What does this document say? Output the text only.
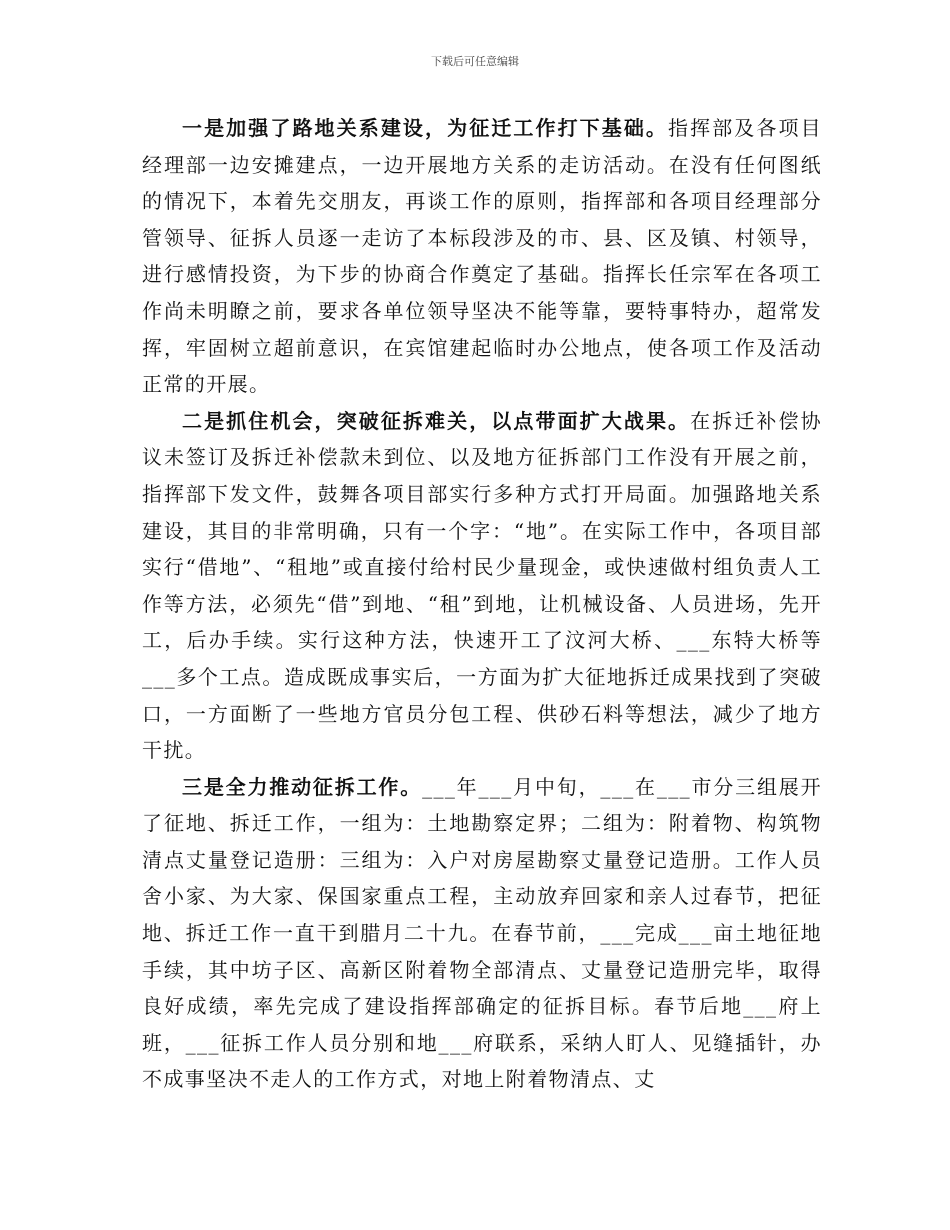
下载后可任意编辑

一是加强了路地关系建设，为征迁工作打下基础。指挥部及各项目经理部一边安摊建点，一边开展地方关系的走访活动。在没有任何图纸的情况下，本着先交朋友，再谈工作的原则，指挥部和各项目经理部分管领导、征拆人员逐一走访了本标段涉及的市、县、区及镇、村领导，进行感情投资，为下步的协商合作奠定了基础。指挥长任宗军在各项工作尚未明瞭之前，要求各单位领导坚决不能等靠，要特事特办，超常发挥，牢固树立超前意识，在宾馆建起临时办公地点，使各项工作及活动正常的开展。

二是抓住机会，突破征拆难关，以点带面扩大战果。在拆迁补偿协议未签订及拆迁补偿款未到位、以及地方征拆部门工作没有开展之前，指挥部下发文件，鼓舞各项目部实行多种方式打开局面。加强路地关系建设，其目的非常明确，只有一个字：“地”。在实际工作中，各项目部实行“借地”、“租地”或直接付给村民少量现金，或快速做村组负责人工作等方法，必须先“借”到地、“租”到地，让机械设备、人员进场，先开工，后办手续。实行这种方法，快速开工了汶河大桥、___东特大桥等___多个工点。造成既成事实后，一方面为扩大征地拆迁成果找到了突破口，一方面断了一些地方官员分包工程、供砂石料等想法，减少了地方干扰。

三是全力推动征拆工作。___年___月中旬，___在___市分三组展开了征地、拆迁工作，一组为：土地勘察定界；二组为：附着物、构筑物清点丈量登记造册：三组为：入户对房屋勘察丈量登记造册。工作人员舍小家、为大家、保国家重点工程，主动放弃回家和亲人过春节，把征地、拆迁工作一直干到腊月二十九。在春节前，___完成___亩土地征地手续，其中坊子区、高新区附着物全部清点、丈量登记造册完毕，取得良好成绩，率先完成了建设指挥部确定的征拆目标。春节后地___府上班，___征拆工作人员分别和地___府联系，采纳人盯人、见缝插针，办不成事坚决不走人的工作方式，对地上附着物清点、丈
